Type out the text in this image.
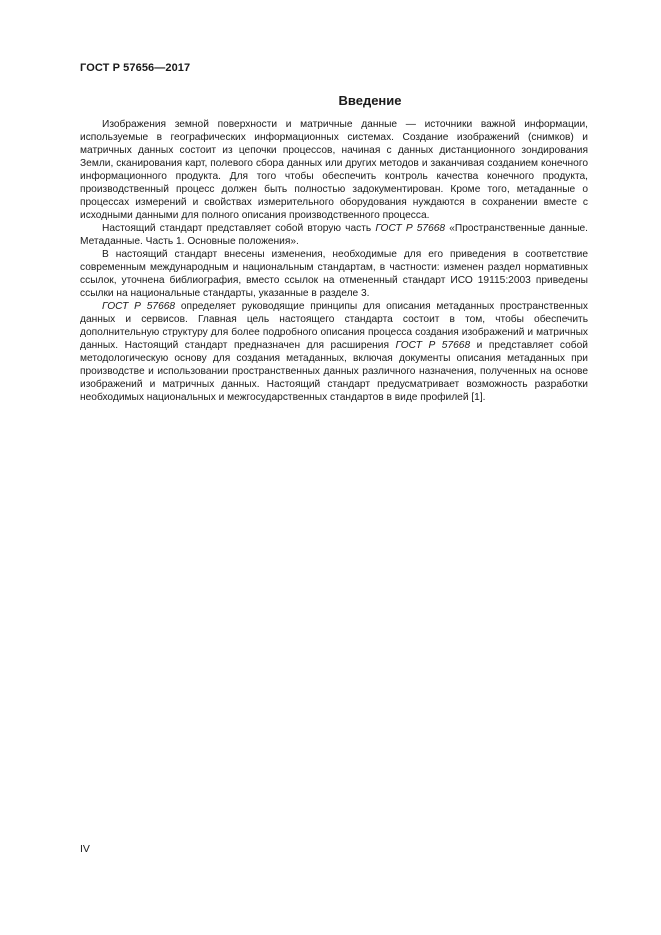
ГОСТ Р 57656—2017
Введение

Изображения земной поверхности и матричные данные — источники важной информации, используемые в географических информационных системах. Создание изображений (снимков) и матричных данных состоит из цепочки процессов, начиная с данных дистанционного зондирования Земли, сканирования карт, полевого сбора данных или других методов и заканчивая созданием конечного информационного продукта. Для того чтобы обеспечить контроль качества конечного продукта, производственный процесс должен быть полностью задокументирован. Кроме того, метаданные о процессах измерений и свойствах измерительного оборудования нуждаются в сохранении вместе с исходными данными для полного описания производственного процесса.

Настоящий стандарт представляет собой вторую часть ГОСТ Р 57668 «Пространственные данные. Метаданные. Часть 1. Основные положения».

В настоящий стандарт внесены изменения, необходимые для его приведения в соответствие современным международным и национальным стандартам, в частности: изменен раздел нормативных ссылок, уточнена библиография, вместо ссылок на отмененный стандарт ИСО 19115:2003 приведены ссылки на национальные стандарты, указанные в разделе 3.

ГОСТ Р 57668 определяет руководящие принципы для описания метаданных пространственных данных и сервисов. Главная цель настоящего стандарта состоит в том, чтобы обеспечить дополнительную структуру для более подробного описания процесса создания изображений и матричных данных. Настоящий стандарт предназначен для расширения ГОСТ Р 57668 и представляет собой методологическую основу для создания метаданных, включая документы описания метаданных при производстве и использовании пространственных данных различного назначения, полученных на основе изображений и матричных данных. Настоящий стандарт предусматривает возможность разработки необходимых национальных и межгосударственных стандартов в виде профилей [1].

IV
